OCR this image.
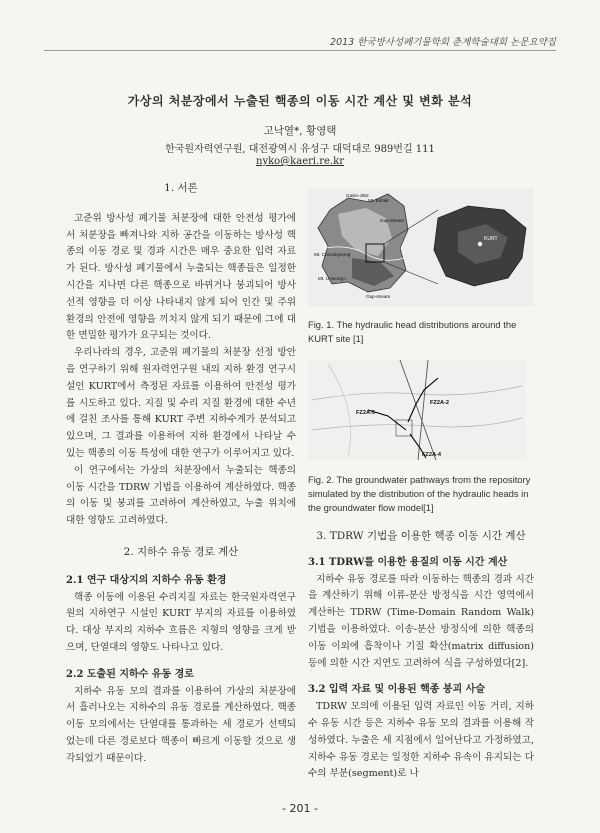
2013 한국방사성폐기물학회 춘계학술대회 논문요약집
가상의 처분장에서 누출된 핵종의 이동 시간 계산 및 변화 분석
고낙열*, 황영택
한국원자력연구원, 대전광역시 유성구 대덕대로 989번길 111
nyko@kaeri.re.kr
1. 서론
고준위 방사성 폐기물 처분장에 대한 안전성 평가에서 처분장을 빠져나와 지하 공간을 이동하는 방사성 핵종의 이동 경로 및 경과 시간은 매우 중요한 입력 자료가 된다. 방사성 폐기물에서 누출되는 핵종들은 일정한 시간을 지나면 다른 핵종으로 바뀌거나 붕괴되어 방사선적 영향을 더 이상 나타내지 않게 되어 인간 및 주위 환경의 안전에 영향을 끼치지 않게 되기 때문에 그에 대한 면밀한 평가가 요구되는 것이다.
우리나라의 경우, 고준위 폐기물의 처분장 선정 방안을 연구하기 위해 원자력연구원 내의 지하 환경 연구시설인 KURT에서 측정된 자료를 이용하여 안전성 평가를 시도하고 있다. 지질 및 수리 지질 환경에 대한 수년에 걸친 조사를 통해 KURT 주변 지하수계가 분석되고 있으며, 그 결과를 이용하여 지하 환경에서 나타날 수 있는 핵종의 이동 특성에 대한 연구가 이루어지고 있다.
이 연구에서는 가상의 처분장에서 누출되는 핵종의 이동 시간을 TDRW 기법을 이용하여 계산하였다. 핵종의 이동 및 붕괴를 고려하여 계산하였고, 누출 위치에 대한 영향도 고려하였다.
2. 지하수 유동 경로 계산
2.1 연구 대상지의 지하수 유동 환경
핵종 이동에 이용된 수리지질 자료는 한국원자력연구원의 지하연구 시설인 KURT 부지의 자료를 이용하였다. 대상 부지의 지하수 흐름은 지형의 영향을 크게 받으며, 단열대의 영향도 나타나고 있다.
2.2 도출된 지하수 유동 경로
지하수 유동 모의 결과를 이용하여 가상의 처분장에서 흘러나오는 지하수의 유동 경로를 계산하였다. 핵종 이동 모의에서는 단열대를 통과하는 세 경로가 선택되었는데 다른 경로보다 핵종이 빠르게 이동할 것으로 생각되었기 때문이다.
Gasin-JW2
Mt. Bohak
Gap-stream
Mt. Cheonbyeong
Mt. U-seong-I
Gap-stream
KURT
Fig. 1. The hydraulic head distributions around the KURT site [1]
FZ2A-5
FZ2A-2
FZ2A-4
Fig. 2. The groundwater pathways from the repository simulated by the distribution of the hydraulic heads in the groundwater flow model[1]
3. TDRW 기법을 이용한 핵종 이동 시간 계산
3.1 TDRW를 이용한 용질의 이동 시간 계산
지하수 유동 경로를 따라 이동하는 핵종의 경과 시간을 계산하기 위해 이류-분산 방정식을 시간 영역에서 계산하는 TDRW (Time-Domain Random Walk) 기법을 이용하였다. 이송-분산 방정식에 의한 핵종의 이동 이외에 흡착이나 기질 확산(matrix diffusion) 등에 의한 시간 지연도 고려하여 식을 구성하였다[2].
3.2 입력 자료 및 이용된 핵종 붕괴 사슬
TDRW 모의에 이용된 입력 자료인 이동 거리, 지하수 유동 시간 등은 지하수 유동 모의 결과를 이용해 작성하였다. 누출은 세 지점에서 일어난다고 가정하였고, 지하수 유동 경로는 일정한 지하수 유속이 유지되는 다수의 부분(segment)로 나
- 201 -
